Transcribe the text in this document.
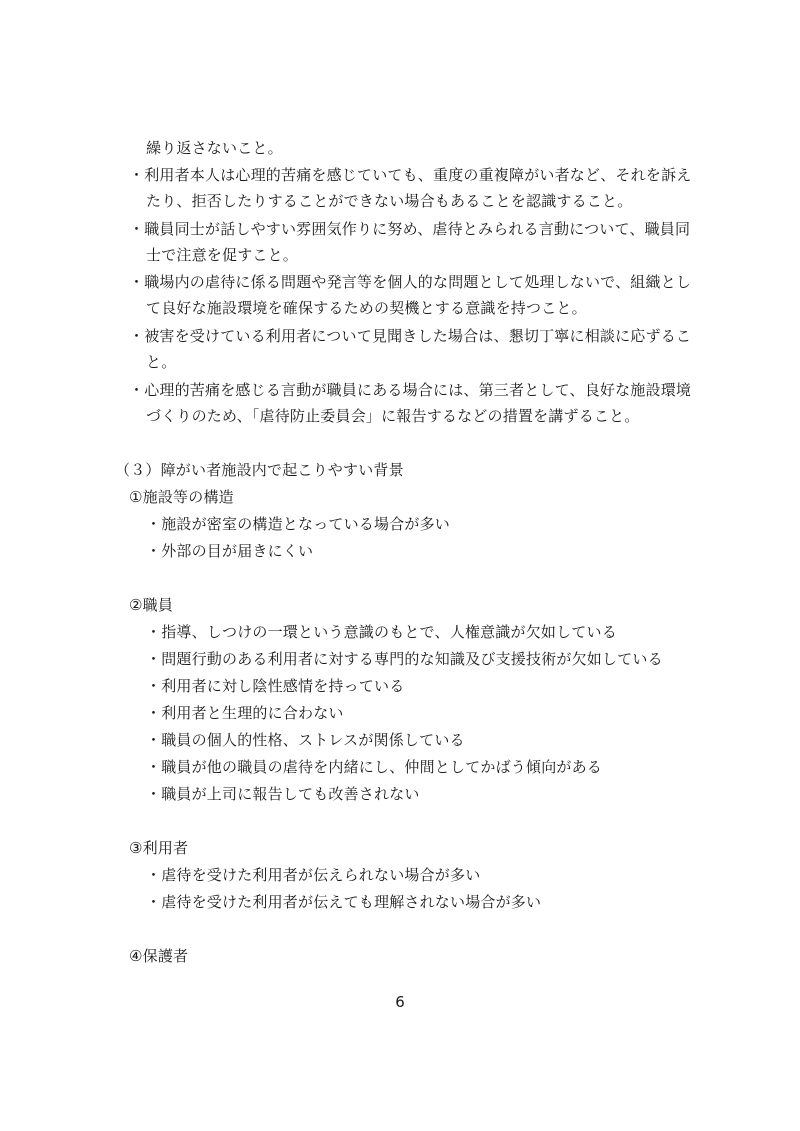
繰り返さないこと。
・利用者本人は心理的苦痛を感じていても、重度の重複障がい者など、それを訴え
たり、拒否したりすることができない場合もあることを認識すること。
・職員同士が話しやすい雰囲気作りに努め、虐待とみられる言動について、職員同
士で注意を促すこと。
・職場内の虐待に係る問題や発言等を個人的な問題として処理しないで、組織とし
て良好な施設環境を確保するための契機とする意識を持つこと。
・被害を受けている利用者について見聞きした場合は、懇切丁寧に相談に応ずるこ
と。
・心理的苦痛を感じる言動が職員にある場合には、第三者として、良好な施設環境
づくりのため、「虐待防止委員会」に報告するなどの措置を講ずること。
（３）障がい者施設内で起こりやすい背景
①施設等の構造
・施設が密室の構造となっている場合が多い
・外部の目が届きにくい
②職員
・指導、しつけの一環という意識のもとで、人権意識が欠如している
・問題行動のある利用者に対する専門的な知識及び支援技術が欠如している
・利用者に対し陰性感情を持っている
・利用者と生理的に合わない
・職員の個人的性格、ストレスが関係している
・職員が他の職員の虐待を内緒にし、仲間としてかばう傾向がある
・職員が上司に報告しても改善されない
③利用者
・虐待を受けた利用者が伝えられない場合が多い
・虐待を受けた利用者が伝えても理解されない場合が多い
④保護者
6
